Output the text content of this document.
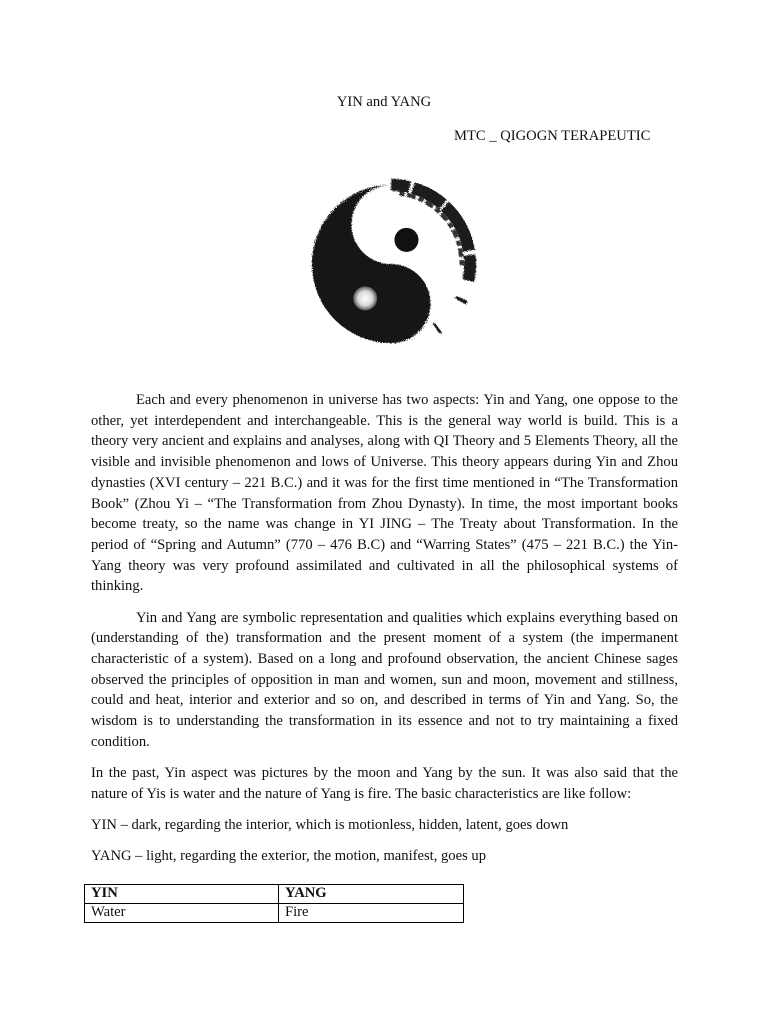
YIN and YANG
MTC _ QIGOGN TERAPEUTIC

Each and every phenomenon in universe has two aspects: Yin and Yang, one oppose to the other, yet interdependent and interchangeable. This is the general way world is build. This is a theory very ancient and explains and analyses, along with QI Theory and 5 Elements Theory, all the visible and invisible phenomenon and lows of Universe. This theory appears during Yin and Zhou dynasties (XVI century – 221 B.C.) and it was for the first time mentioned in “The Transformation Book” (Zhou Yi – “The Transformation from Zhou Dynasty). In time, the most important books become treaty, so the name was change in YI JING – The Treaty about Transformation. In the period of “Spring and Autumn” (770 – 476 B.C) and “Warring States” (475 – 221 B.C.) the Yin-Yang theory was very profound assimilated and cultivated in all the philosophical systems of thinking.

Yin and Yang are symbolic representation and qualities which explains everything based on (understanding of the) transformation and the present moment of a system (the impermanent characteristic of a system). Based on a long and profound observation, the ancient Chinese sages observed the principles of opposition in man and women, sun and moon, movement and stillness, could and heat, interior and exterior and so on, and described in terms of Yin and Yang. So, the wisdom is to understanding the transformation in its essence and not to try maintaining a fixed condition.

In the past, Yin aspect was pictures by the moon and Yang by the sun. It was also said that the nature of Yis is water and the nature of Yang is fire. The basic characteristics are like follow:

YIN – dark, regarding the interior, which is motionless, hidden, latent, goes down

YANG – light, regarding the exterior, the motion, manifest, goes up

YIN	YANG
Water	Fire
